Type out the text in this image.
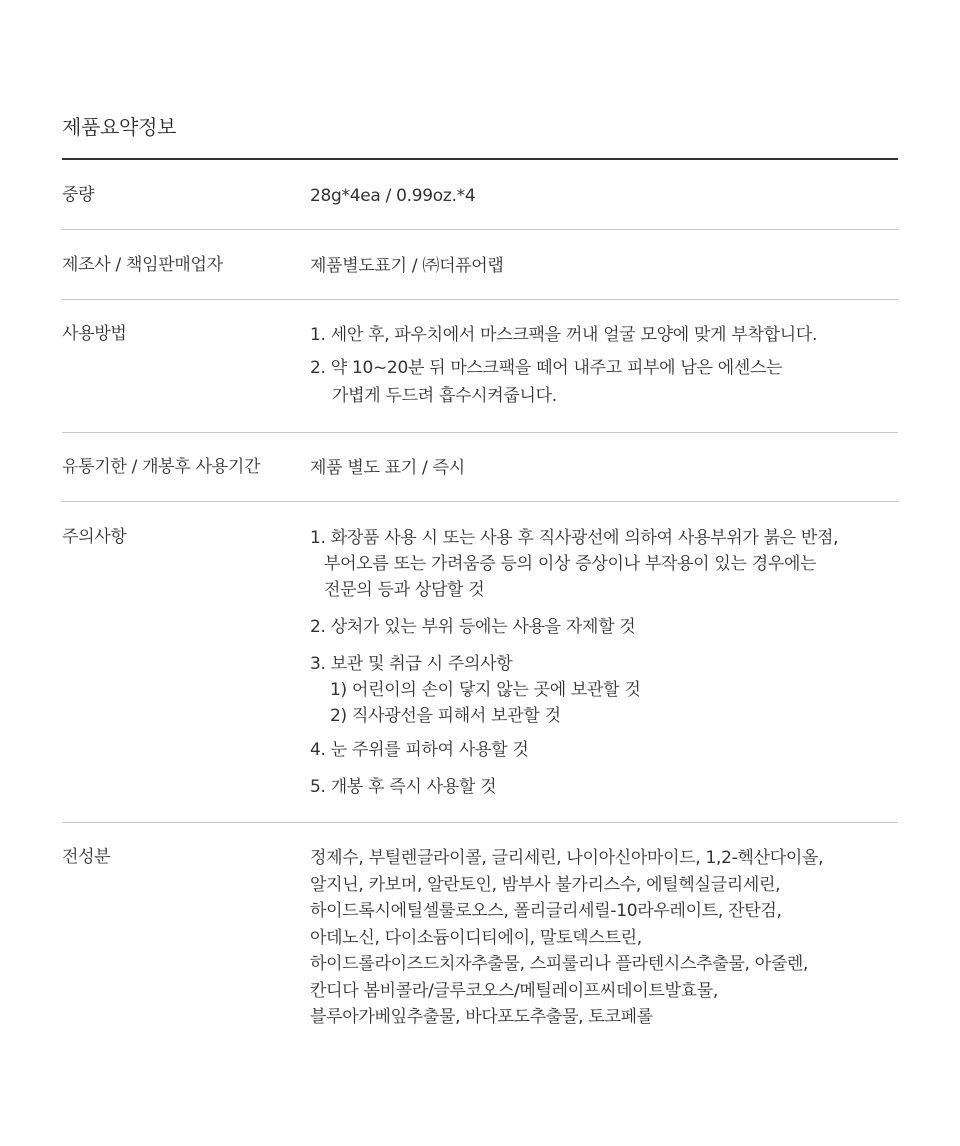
제품요약정보
중량	28g*4ea / 0.99oz.*4
제조사 / 책임판매업자	제품별도표기 / ㈜더퓨어랩
사용방법	1. 세안 후, 파우치에서 마스크팩을 꺼내 얼굴 모양에 맞게 부착합니다.
2. 약 10~20분 뒤 마스크팩을 떼어 내주고 피부에 남은 에센스는
가볍게 두드려 흡수시켜줍니다.
유통기한 / 개봉후 사용기간	제품 별도 표기 / 즉시
주의사항	1. 화장품 사용 시 또는 사용 후 직사광선에 의하여 사용부위가 붉은 반점,
부어오름 또는 가려움증 등의 이상 증상이나 부작용이 있는 경우에는
전문의 등과 상담할 것
2. 상처가 있는 부위 등에는 사용을 자제할 것
3. 보관 및 취급 시 주의사항
1) 어린이의 손이 닿지 않는 곳에 보관할 것
2) 직사광선을 피해서 보관할 것
4. 눈 주위를 피하여 사용할 것
5. 개봉 후 즉시 사용할 것
전성분	정제수, 부틸렌글라이콜, 글리세린, 나이아신아마이드, 1,2-헥산다이올,
알지닌, 카보머, 알란토인, 밤부사 불가리스수, 에틸헥실글리세린,
하이드록시에틸셀룰로오스, 폴리글리세릴-10라우레이트, 잔탄검,
아데노신, 다이소듐이디티에이, 말토덱스트린,
하이드롤라이즈드치자추출물, 스피룰리나 플라텐시스추출물, 아줄렌,
칸디다 봄비콜라/글루코오스/메틸레이프씨데이트발효물,
블루아가베잎추출물, 바다포도추출물, 토코페롤
